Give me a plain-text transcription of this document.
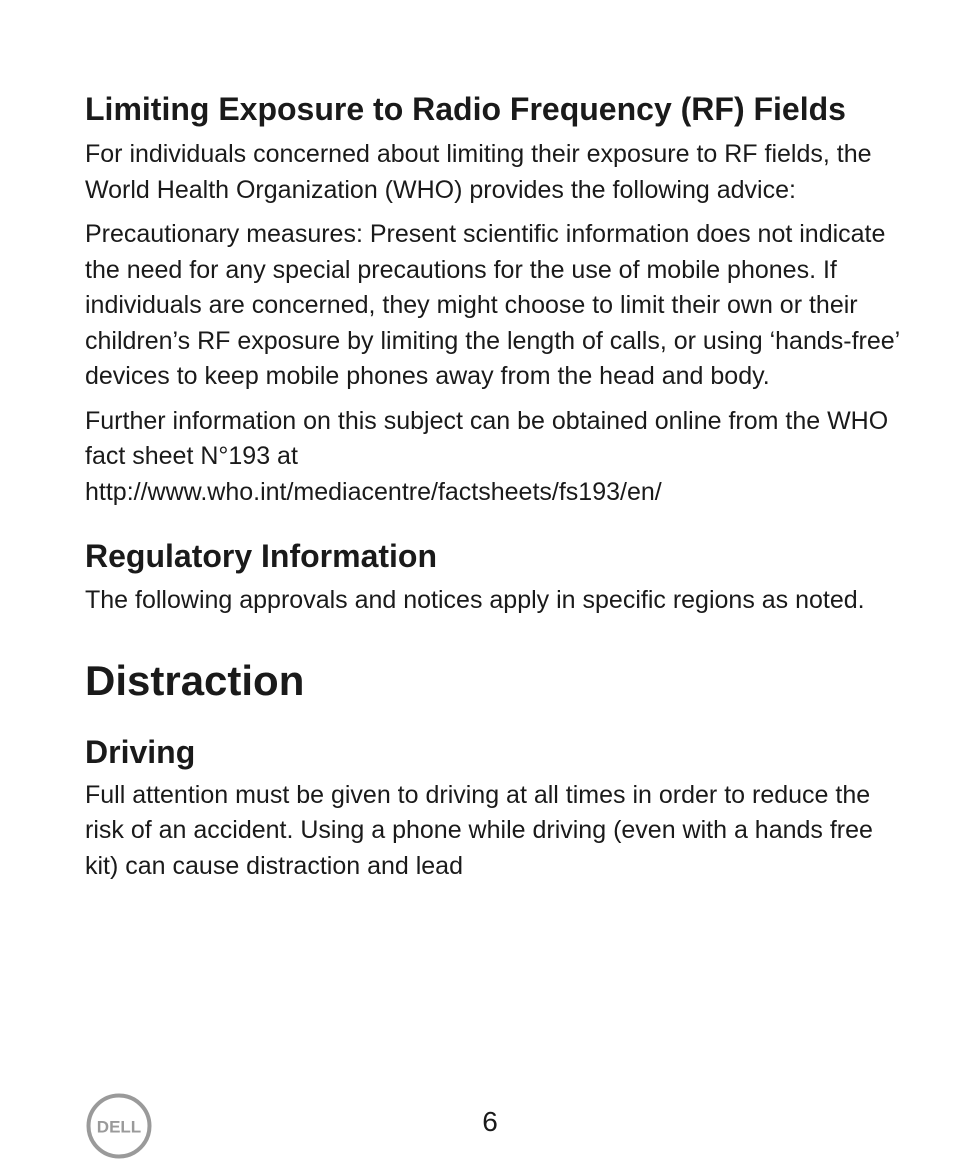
Limiting Exposure to Radio Frequency (RF) Fields

For individuals concerned about limiting their exposure to RF fields, the World Health Organization (WHO) provides the following advice:

Precautionary measures: Present scientific information does not indicate the need for any special precautions for the use of mobile phones. If individuals are concerned, they might choose to limit their own or their children’s RF exposure by limiting the length of calls, or using ‘hands-free’ devices to keep mobile phones away from the head and body.

Further information on this subject can be obtained online from the WHO fact sheet N°193 at
http://www.who.int/mediacentre/factsheets/fs193/en/

Regulatory Information

The following approvals and notices apply in specific regions as noted.

Distraction
Driving

Full attention must be given to driving at all times in order to reduce the risk of an accident. Using a phone while driving (even with a hands free kit) can cause distraction and lead

DELL	6
